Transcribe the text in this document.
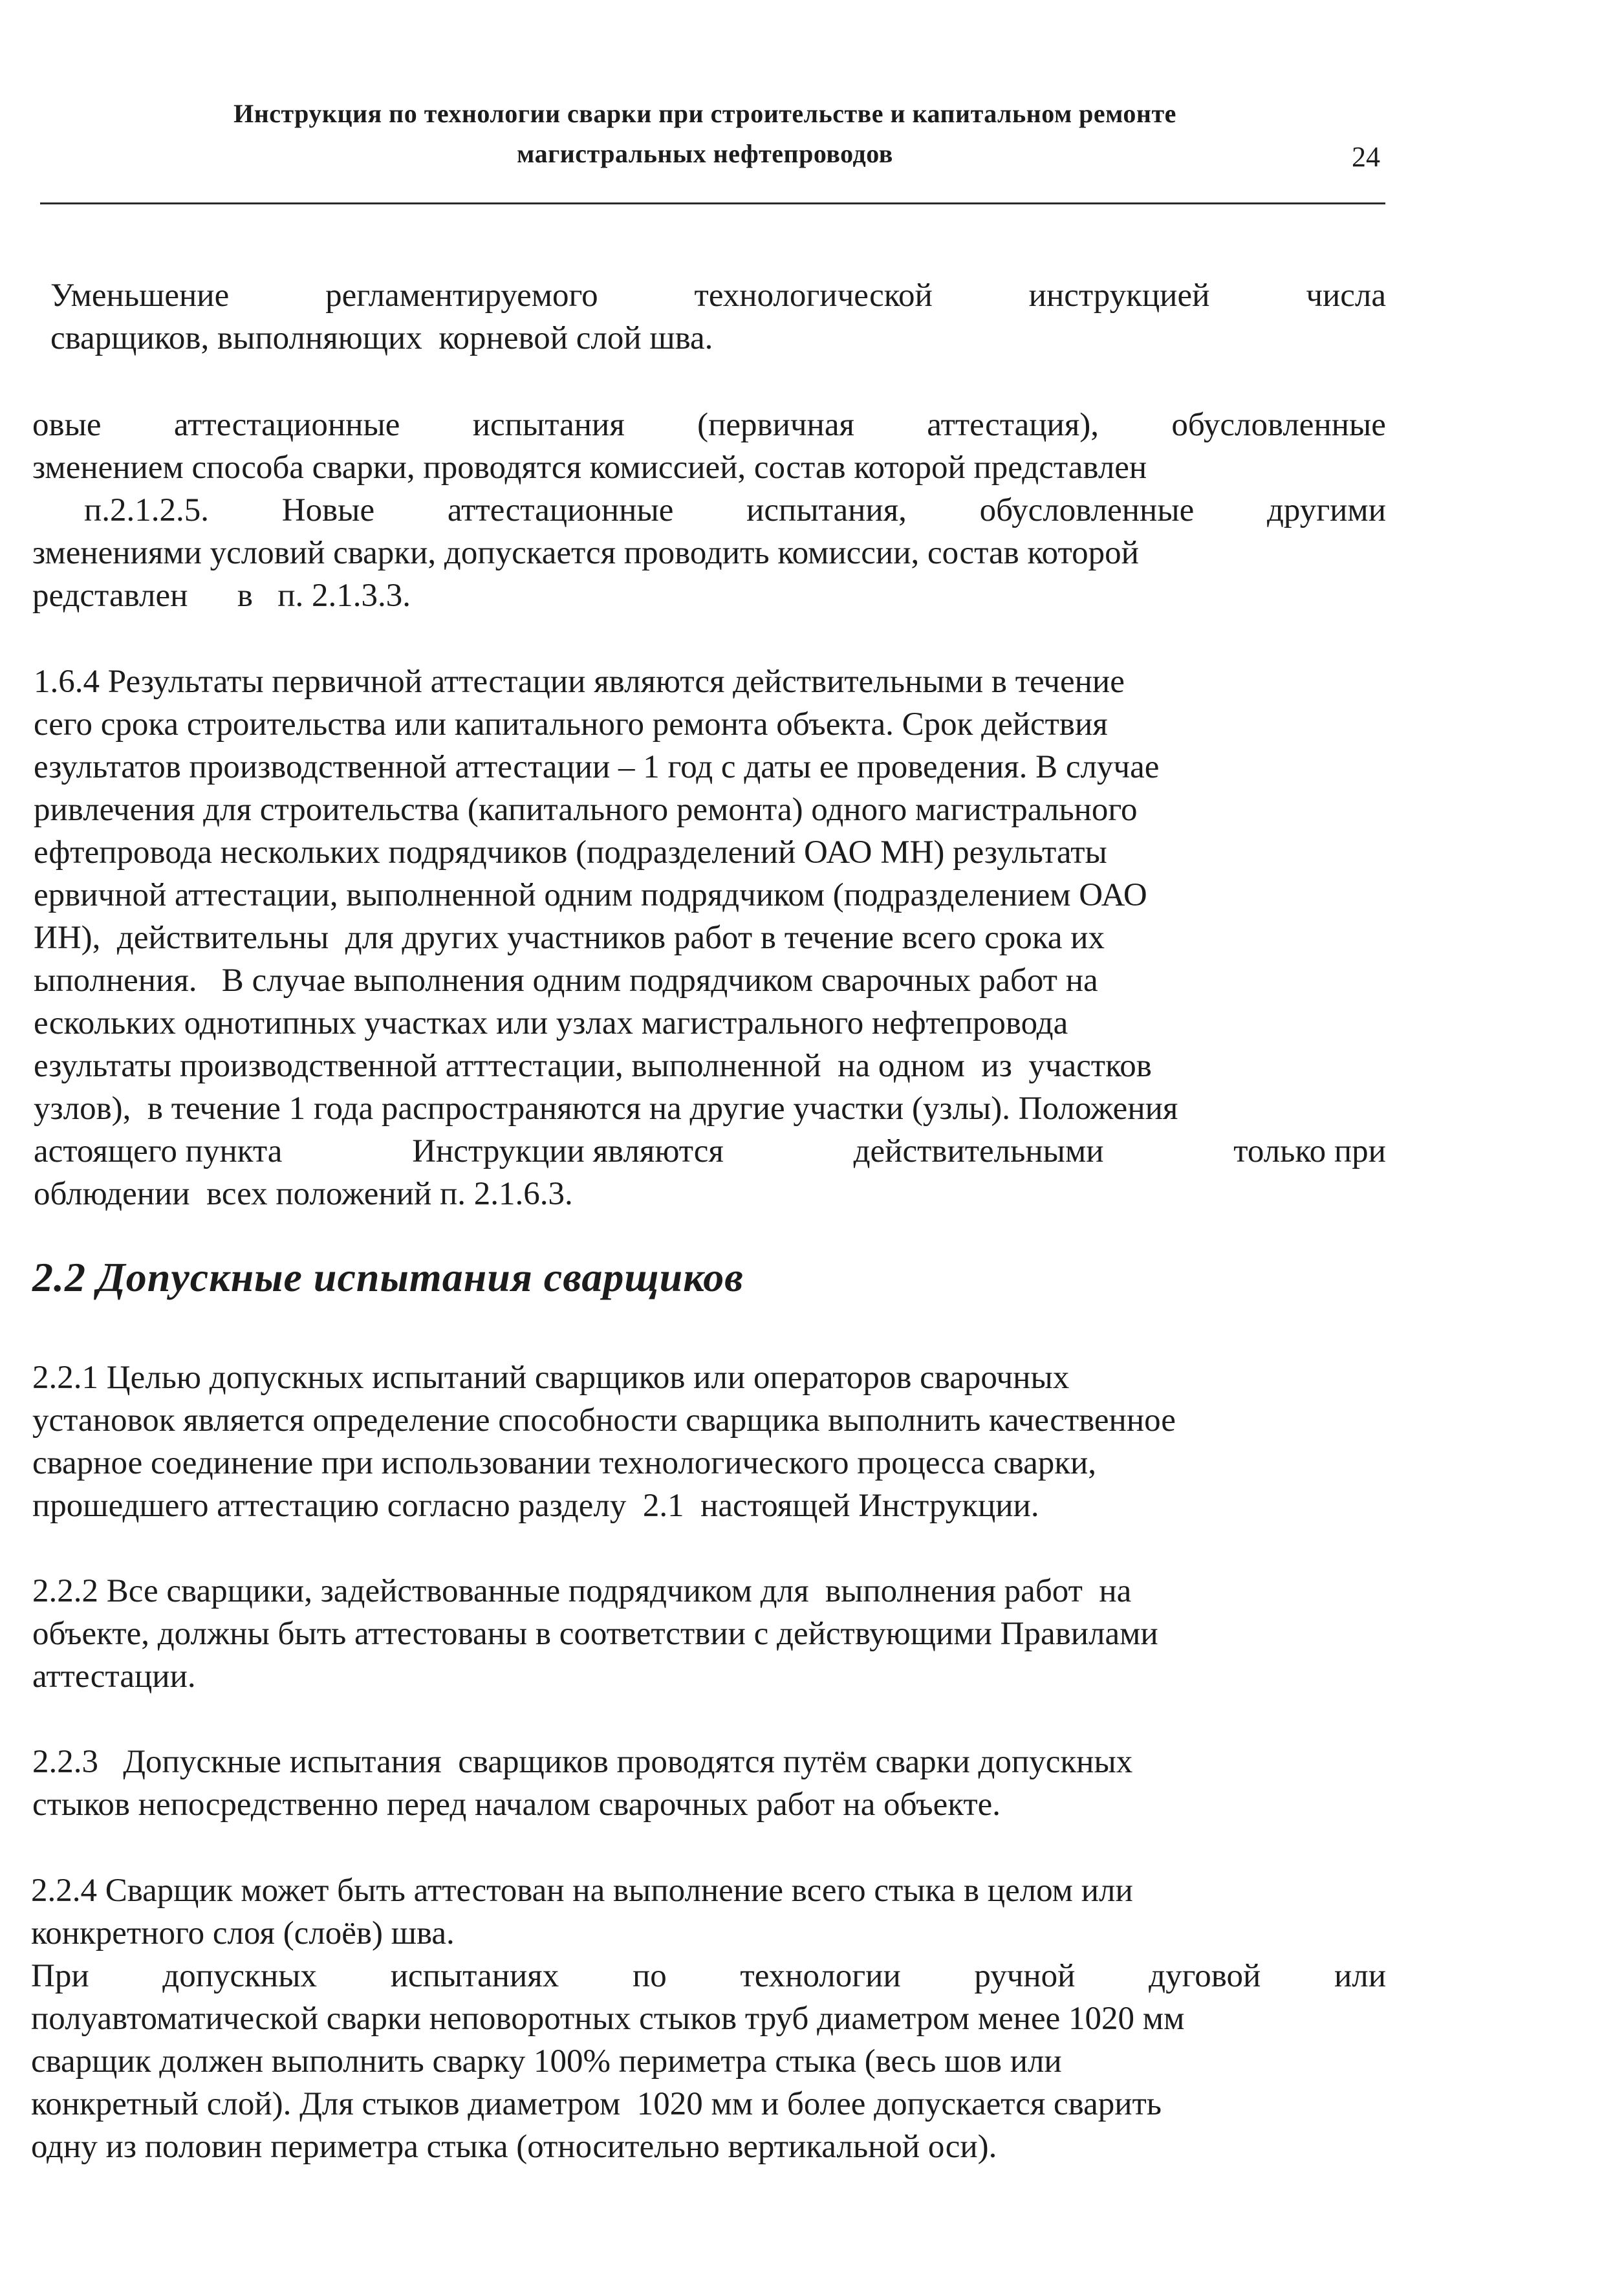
Инструкция по технологии сварки при строительстве и капитальном ремонте
магистральных нефтепроводов	24
Уменьшение	регламентируемого	технологической	инструкцией	числа
сварщиков, выполняющих  корневой слой шва.
овые аттестационные испытания (первичная аттестация), обусловленные
зменением способа сварки, проводятся комиссией, состав которой представлен
п.2.1.2.5. Новые аттестационные испытания, обусловленные другими
зменениями условий сварки, допускается проводить комиссии, состав которой
редставлен      в   п. 2.1.3.3.
1.6.4 Результаты первичной аттестации являются действительными в течение
сего срока строительства или капитального ремонта объекта. Срок действия
езультатов производственной аттестации – 1 год с даты ее проведения. В случае
ривлечения для строительства (капитального ремонта) одного магистрального
ефтепровода нескольких подрядчиков (подразделений ОАО МН) результаты
ервичной аттестации, выполненной одним подрядчиком (подразделением ОАО
ИН),  действительны  для других участников работ в течение всего срока их
ыполнения.   В случае выполнения одним подрядчиком сварочных работ на
ескольких однотипных участках или узлах магистрального нефтепровода
езультаты производственной атттестации, выполненной  на одном  из  участков
узлов),  в течение 1 года распространяются на другие участки (узлы). Положения
астоящего пункта	Инструкции являются	действительными	только при
облюдении  всех положений п. 2.1.6.3.
2.2 Допускные испытания сварщиков
2.2.1 Целью допускных испытаний сварщиков или операторов сварочных
установок является определение способности сварщика выполнить качественное
сварное соединение при использовании технологического процесса сварки,
прошедшего аттестацию согласно разделу  2.1  настоящей Инструкции.
2.2.2 Все сварщики, задействованные подрядчиком для  выполнения работ  на
объекте, должны быть аттестованы в соответствии с действующими Правилами
аттестации.
2.2.3   Допускные испытания  сварщиков проводятся путём сварки допускных
стыков непосредственно перед началом сварочных работ на объекте.
2.2.4 Сварщик может быть аттестован на выполнение всего стыка в целом или
конкретного слоя (слоёв) шва.
При допускных испытаниях по технологии ручной дуговой или
полуавтоматической сварки неповоротных стыков труб диаметром менее 1020 мм
сварщик должен выполнить сварку 100% периметра стыка (весь шов или
конкретный слой). Для стыков диаметром  1020 мм и более допускается сварить
одну из половин периметра стыка (относительно вертикальной оси).
